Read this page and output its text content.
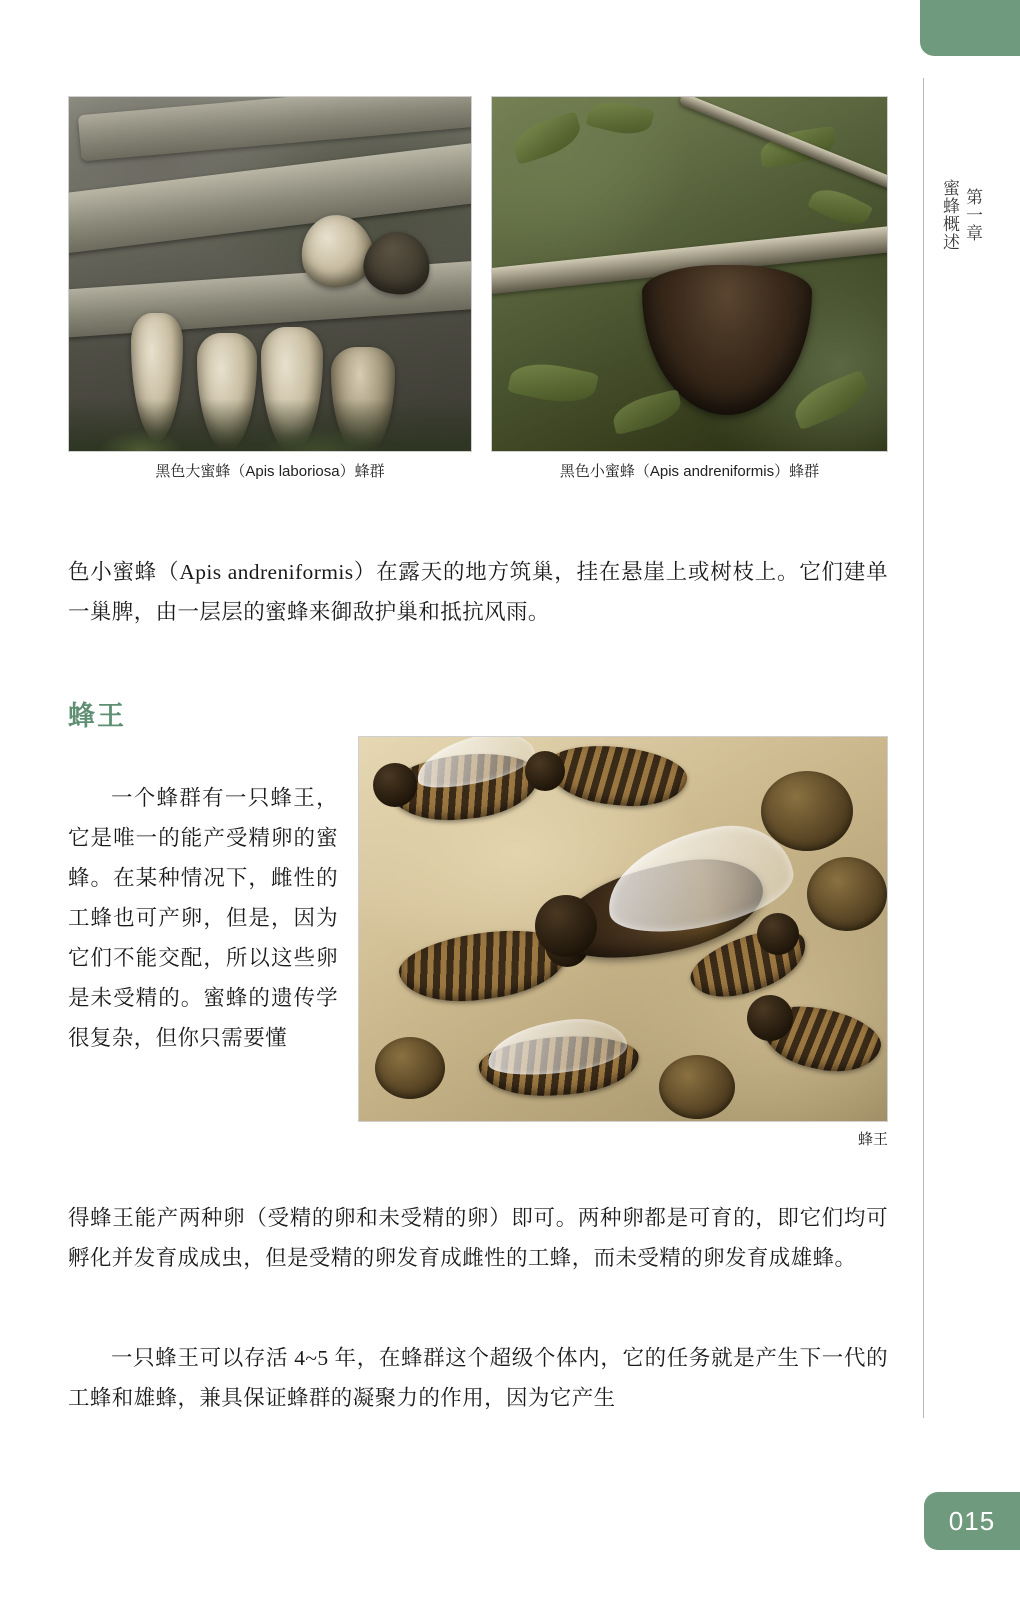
第一章
蜜蜂概述
黑色大蜜蜂（Apis laboriosa）蜂群	黑色小蜜蜂（Apis andreniformis）蜂群

色小蜜蜂（Apis andreniformis）在露天的地方筑巢，挂在悬崖上或树枝上。它们建单一巢脾，由一层层的蜜蜂来御敌护巢和抵抗风雨。

蜂王
蜂王

一个蜂群有一只蜂王，它是唯一的能产受精卵的蜜蜂。在某种情况下，雌性的工蜂也可产卵，但是，因为它们不能交配，所以这些卵是未受精的。蜜蜂的遗传学很复杂，但你只需要懂

得蜂王能产两种卵（受精的卵和未受精的卵）即可。两种卵都是可育的，即它们均可孵化并发育成成虫，但是受精的卵发育成雌性的工蜂，而未受精的卵发育成雄蜂。

一只蜂王可以存活 4~5 年，在蜂群这个超级个体内，它的任务就是产生下一代的工蜂和雄蜂，兼具保证蜂群的凝聚力的作用，因为它产生

015
